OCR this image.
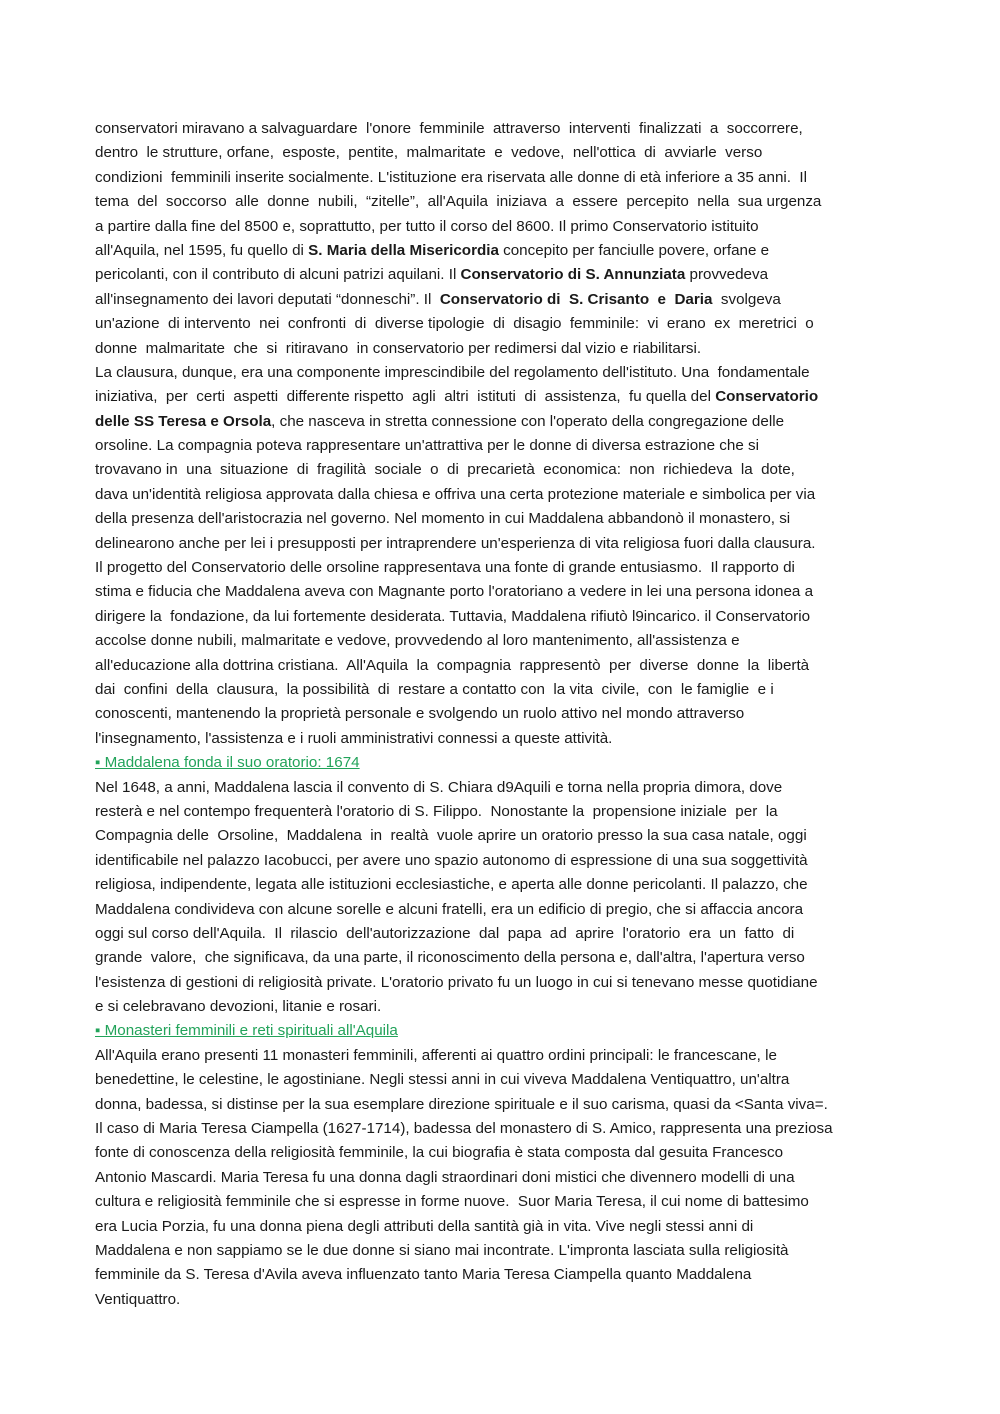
conservatori miravano a salvaguardare  l'onore  femminile  attraverso  interventi  finalizzati  a  soccorrere,
dentro  le strutture, orfane,  esposte,  pentite,  malmaritate  e  vedove,  nell'ottica  di  avviarle  verso
condizioni  femminili inserite socialmente. L'istituzione era riservata alle donne di età inferiore a 35 anni.  Il
tema  del  soccorso  alle  donne  nubili,  “zitelle”,  all'Aquila  iniziava  a  essere  percepito  nella  sua urgenza
a partire dalla fine del 8500 e, soprattutto, per tutto il corso del 8600. Il primo Conservatorio istituito
all'Aquila, nel 1595, fu quello di S. Maria della Misericordia concepito per fanciulle povere, orfane e
pericolanti, con il contributo di alcuni patrizi aquilani. Il Conservatorio di S. Annunziata provvedeva
all'insegnamento dei lavori deputati “donneschi”. Il  Conservatorio di  S. Crisanto  e  Daria  svolgeva
un'azione  di intervento  nei  confronti  di  diverse tipologie  di  disagio  femminile:  vi  erano  ex  meretrici  o
donne  malmaritate  che  si  ritiravano  in conservatorio per redimersi dal vizio e riabilitarsi.
La clausura, dunque, era una componente imprescindibile del regolamento dell'istituto. Una  fondamentale
iniziativa,  per  certi  aspetti  differente rispetto  agli  altri  istituti  di  assistenza,  fu quella del Conservatorio
delle SS Teresa e Orsola, che nasceva in stretta connessione con l'operato della congregazione delle
orsoline. La compagnia poteva rappresentare un'attrattiva per le donne di diversa estrazione che si
trovavano in  una  situazione  di  fragilità  sociale  o  di  precarietà  economica:  non  richiedeva  la  dote,
dava un'identità religiosa approvata dalla chiesa e offriva una certa protezione materiale e simbolica per via
della presenza dell'aristocrazia nel governo. Nel momento in cui Maddalena abbandonò il monastero, si
delinearono anche per lei i presupposti per intraprendere un'esperienza di vita religiosa fuori dalla clausura.
Il progetto del Conservatorio delle orsoline rappresentava una fonte di grande entusiasmo.  Il rapporto di
stima e fiducia che Maddalena aveva con Magnante porto l'oratoriano a vedere in lei una persona idonea a
dirigere la  fondazione, da lui fortemente desiderata. Tuttavia, Maddalena rifiutò l9incarico. il Conservatorio
accolse donne nubili, malmaritate e vedove, provvedendo al loro mantenimento, all'assistenza e
all'educazione alla dottrina cristiana.  All'Aquila  la  compagnia  rappresentò  per  diverse  donne  la  libertà
dai  confini  della  clausura,  la possibilità  di  restare a contatto con  la vita  civile,  con  le famiglie  e i
conoscenti, mantenendo la proprietà personale e svolgendo un ruolo attivo nel mondo attraverso
l'insegnamento, l'assistenza e i ruoli amministrativi connessi a queste attività.
▪ Maddalena fonda il suo oratorio: 1674
Nel 1648, a anni, Maddalena lascia il convento di S. Chiara d9Aquili e torna nella propria dimora, dove
resterà e nel contempo frequenterà l'oratorio di S. Filippo.  Nonostante la  propensione iniziale  per  la
Compagnia delle  Orsoline,  Maddalena  in  realtà  vuole aprire un oratorio presso la sua casa natale, oggi
identificabile nel palazzo Iacobucci, per avere uno spazio autonomo di espressione di una sua soggettività
religiosa, indipendente, legata alle istituzioni ecclesiastiche, e aperta alle donne pericolanti. Il palazzo, che
Maddalena condivideva con alcune sorelle e alcuni fratelli, era un edificio di pregio, che si affaccia ancora
oggi sul corso dell'Aquila.  Il  rilascio  dell'autorizzazione  dal  papa  ad  aprire  l'oratorio  era  un  fatto  di
grande  valore,  che significava, da una parte, il riconoscimento della persona e, dall'altra, l'apertura verso
l'esistenza di gestioni di religiosità private. L'oratorio privato fu un luogo in cui si tenevano messe quotidiane
e si celebravano devozioni, litanie e rosari.
▪ Monasteri femminili e reti spirituali all'Aquila
All'Aquila erano presenti 11 monasteri femminili, afferenti ai quattro ordini principali: le francescane, le
benedettine, le celestine, le agostiniane. Negli stessi anni in cui viveva Maddalena Ventiquattro, un'altra
donna, badessa, si distinse per la sua esemplare direzione spirituale e il suo carisma, quasi da <Santa viva=.
Il caso di Maria Teresa Ciampella (1627-1714), badessa del monastero di S. Amico, rappresenta una preziosa
fonte di conoscenza della religiosità femminile, la cui biografia è stata composta dal gesuita Francesco
Antonio Mascardi. Maria Teresa fu una donna dagli straordinari doni mistici che divennero modelli di una
cultura e religiosità femminile che si espresse in forme nuove.  Suor Maria Teresa, il cui nome di battesimo
era Lucia Porzia, fu una donna piena degli attributi della santità già in vita. Vive negli stessi anni di
Maddalena e non sappiamo se le due donne si siano mai incontrate. L'impronta lasciata sulla religiosità
femminile da S. Teresa d'Avila aveva influenzato tanto Maria Teresa Ciampella quanto Maddalena
Ventiquattro.
